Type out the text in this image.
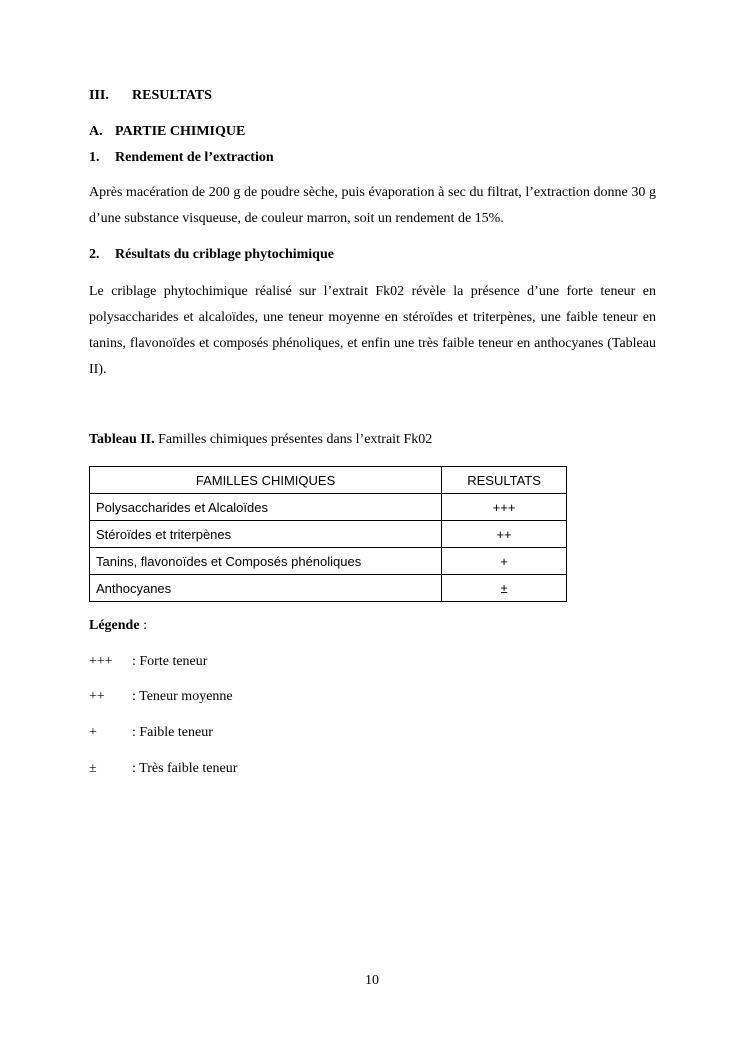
III. RESULTATS
A. PARTIE CHIMIQUE
1. Rendement de l’extraction
Après macération de 200 g de poudre sèche, puis évaporation à sec du filtrat, l’extraction donne 30 g d’une substance visqueuse, de couleur marron, soit un rendement de 15%.
2. Résultats du criblage phytochimique
Le criblage phytochimique réalisé sur l’extrait Fk02 révèle la présence d’une forte teneur en polysaccharides et alcaloïdes, une teneur moyenne en stéroïdes et triterpènes, une faible teneur en tanins, flavonoïdes et composés phénoliques, et enfin une très faible teneur en anthocyanes (Tableau II).
Tableau II. Familles chimiques présentes dans l’extrait Fk02
FAMILLES CHIMIQUES	RESULTATS
Polysaccharides et Alcaloïdes	+++
Stéroïdes et triterpènes	++
Tanins, flavonoïdes et Composés phénoliques	+
Anthocyanes	±
Légende :
+++ : Forte teneur
++ : Teneur moyenne
+	: Faible teneur
±	: Très faible teneur
10
